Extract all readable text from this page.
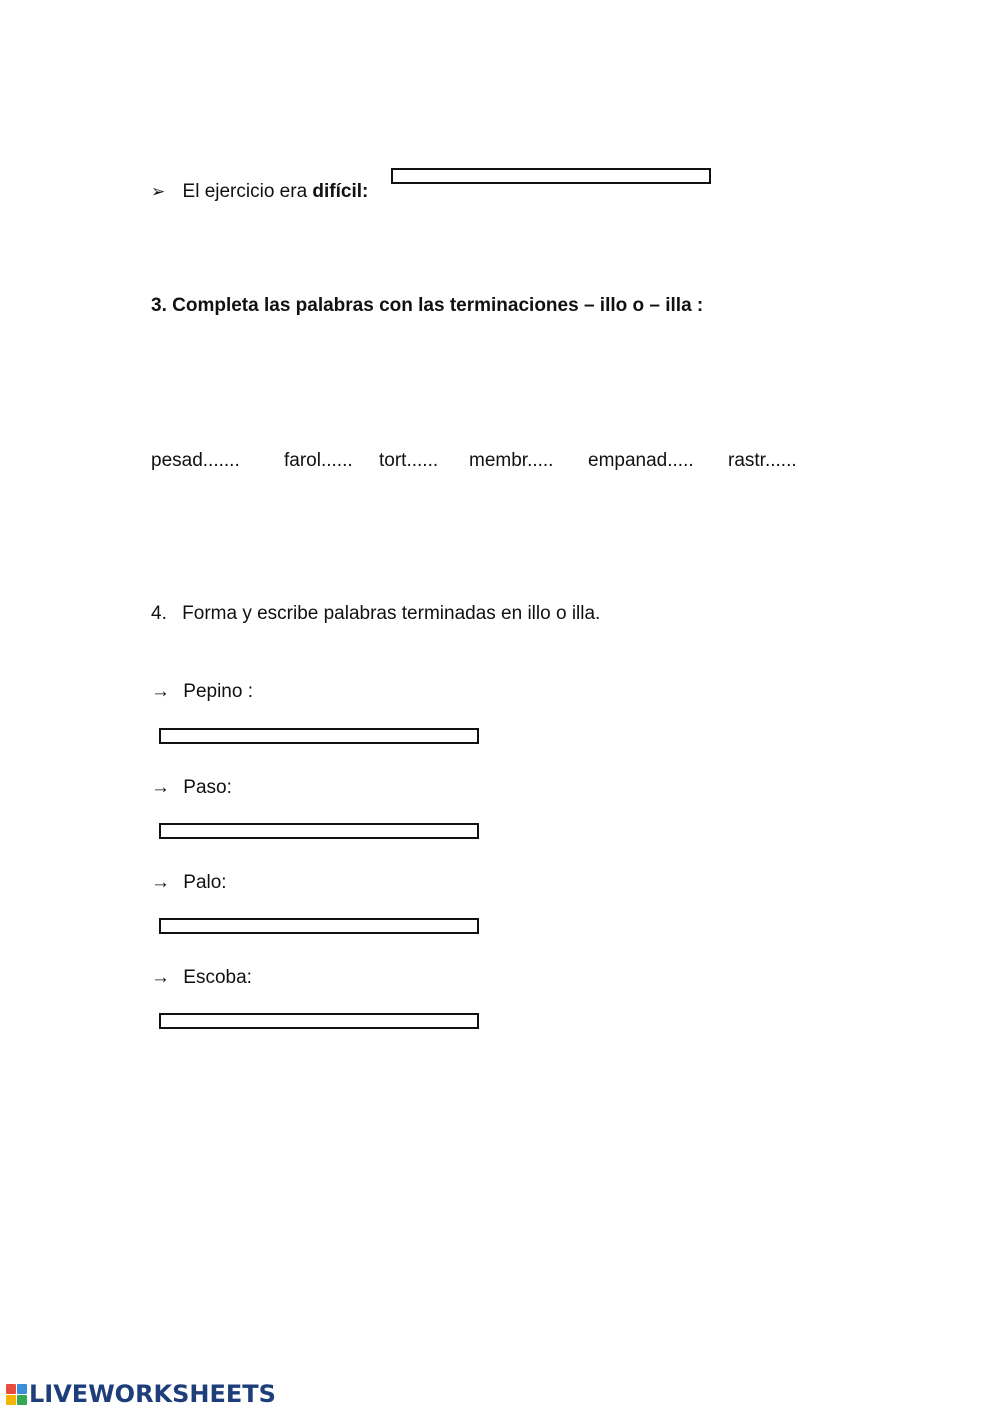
➢ El ejercicio era difícil:
3. Completa las palabras con las terminaciones – illo o – illa :
pesad....... farol...... tort...... membr..... empanad..... rastr......
4. Forma y escribe palabras terminadas en illo o illa.
→ Pepino :
→ Paso:
→ Palo:
→ Escoba:
LIVEWORKSHEETS
